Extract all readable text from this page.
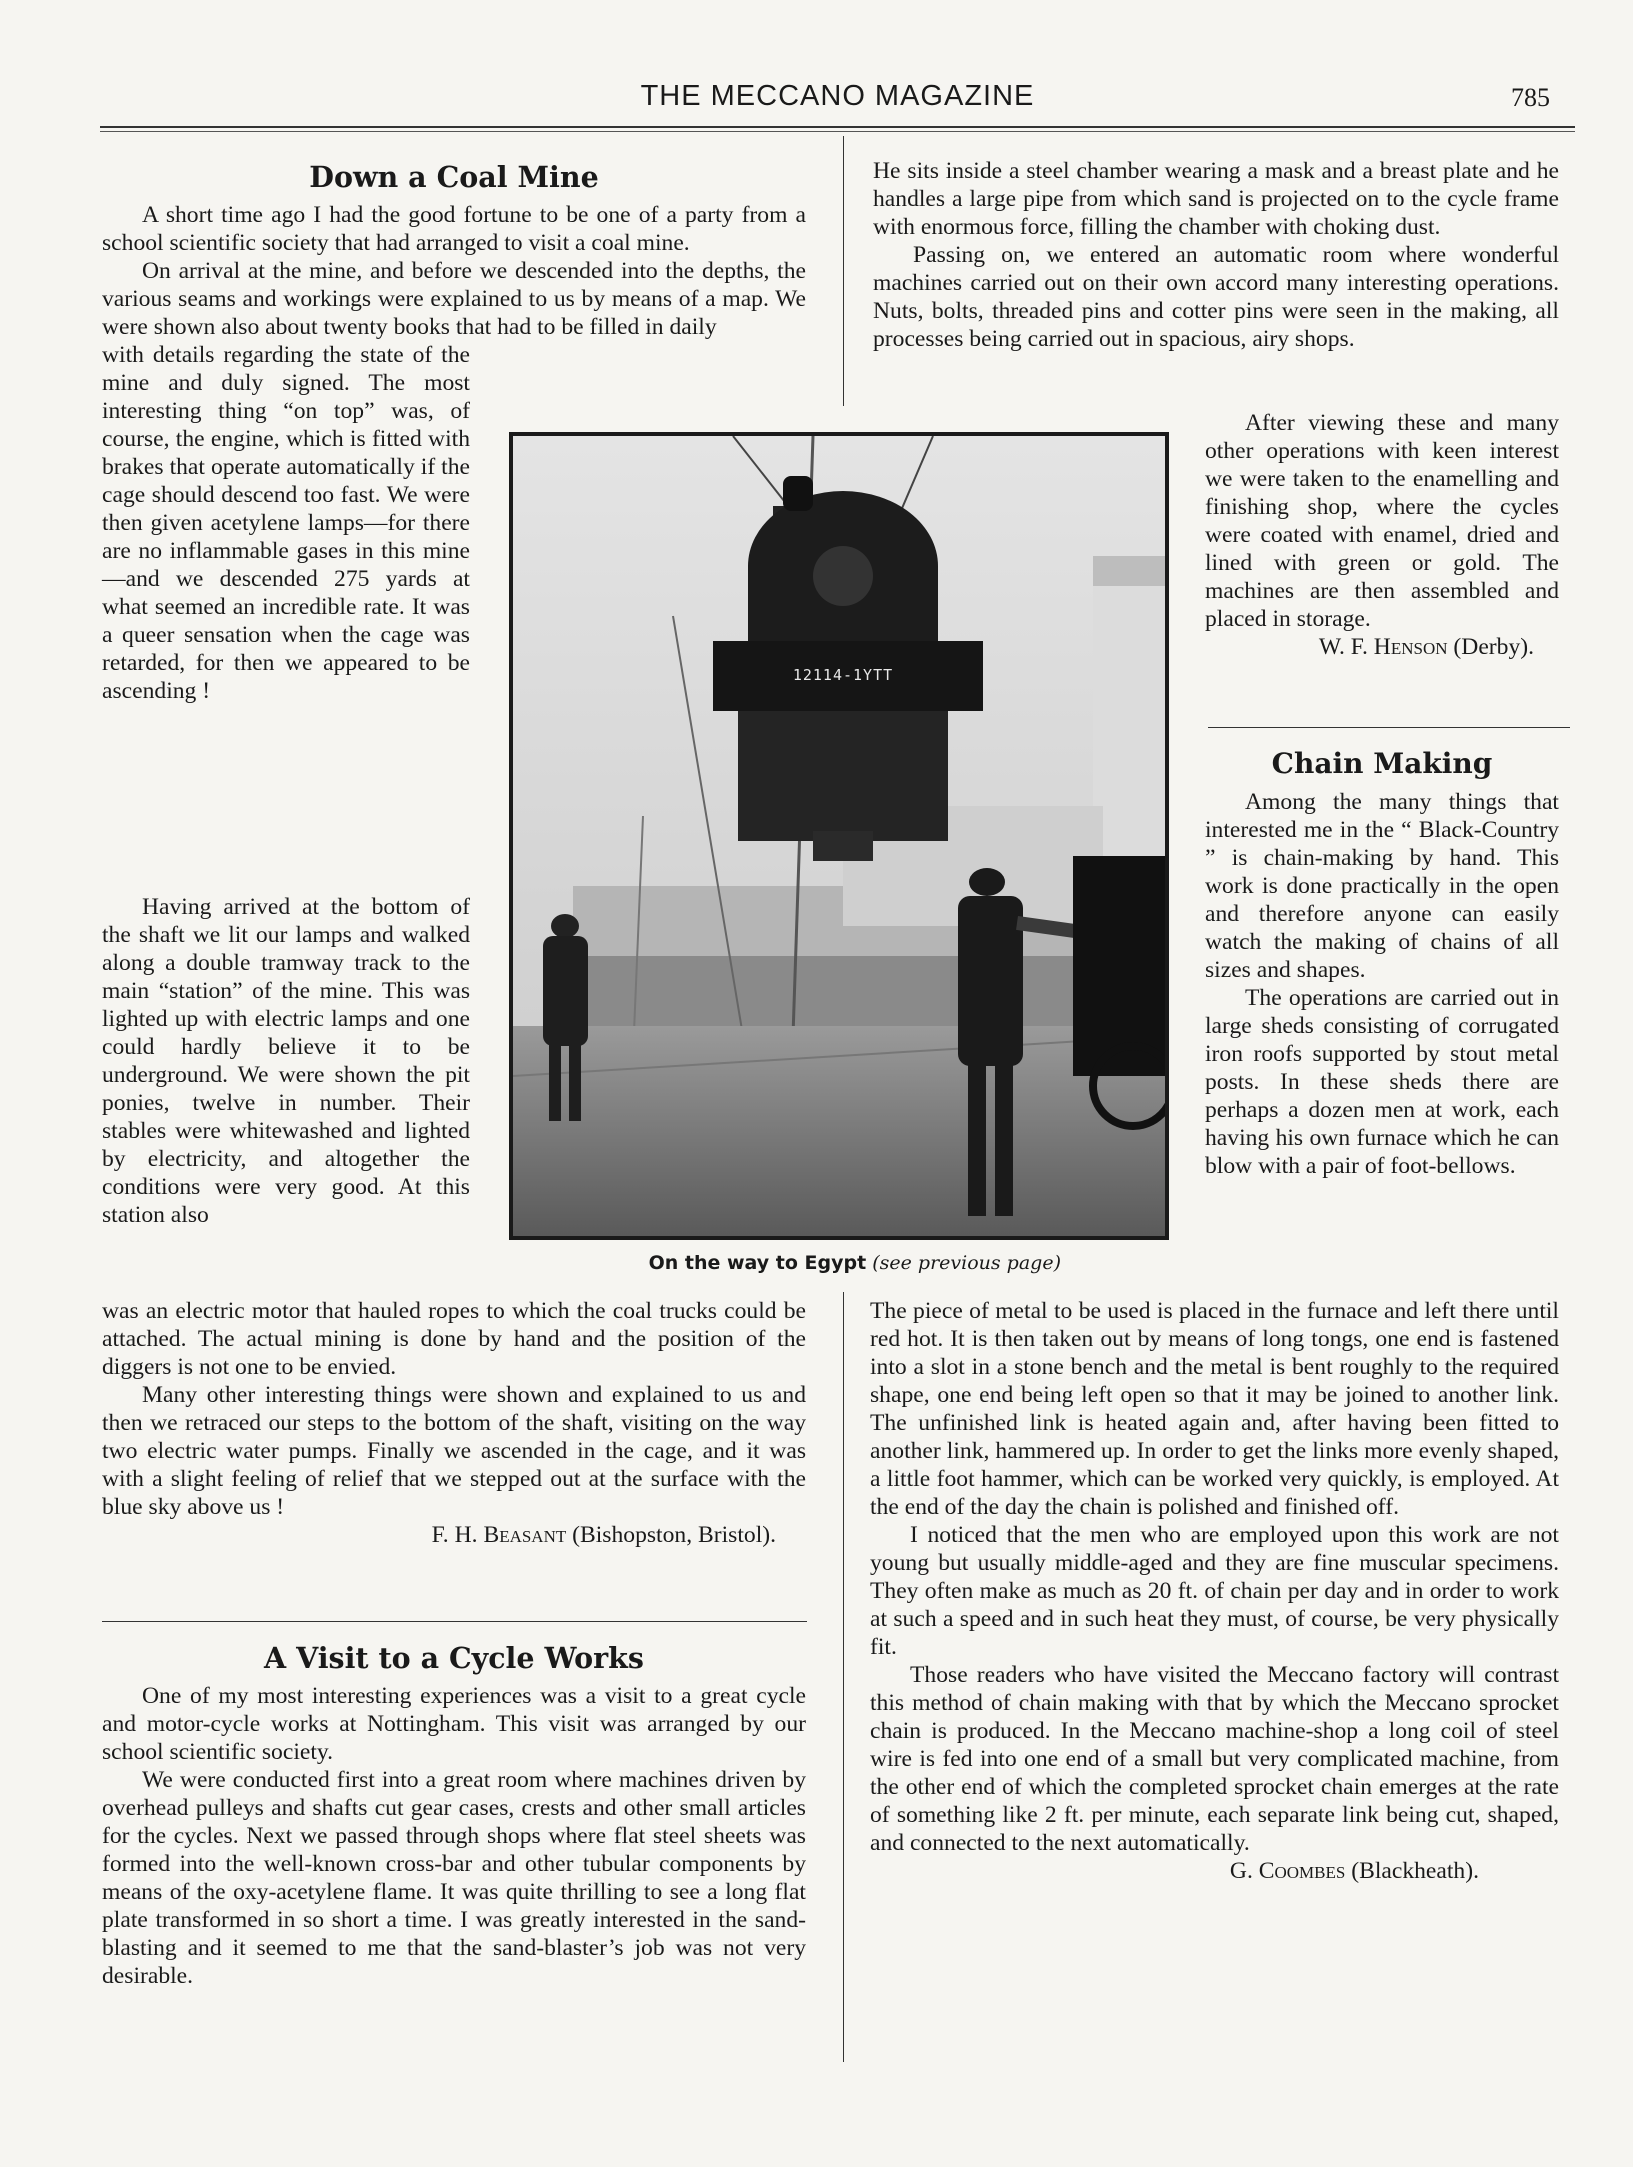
THE MECCANO MAGAZINE	785
Down a Coal Mine

A short time ago I had the good fortune to be one of a party from a school scientific society that had arranged to visit a coal mine.

On arrival at the mine, and before we descended into the depths, the various seams and workings were explained to us by means of a map. We were shown also about twenty books that had to be filled in daily

with details regarding the state of the mine and duly signed. The most interesting thing “on top” was, of course, the engine, which is fitted with brakes that operate automatically if the cage should descend too fast. We were then given acetylene lamps—for there are no inflammable gases in this mine—and we descended 275 yards at what seemed an incredible rate. It was a queer sensation when the cage was retarded, for then we appeared to be ascending !

Having arrived at the bottom of the shaft we lit our lamps and walked along a double tramway track to the main “station” of the mine. This was lighted up with electric lamps and one could hardly believe it to be underground. We were shown the pit ponies, twelve in number. Their stables were whitewashed and lighted by electricity, and altogether the conditions were very good. At this station also

was an electric motor that hauled ropes to which the coal trucks could be attached. The actual mining is done by hand and the position of the diggers is not one to be envied.

Many other interesting things were shown and explained to us and then we retraced our steps to the bottom of the shaft, visiting on the way two electric water pumps. Finally we ascended in the cage, and it was with a slight feeling of relief that we stepped out at the surface with the blue sky above us !

F. H. Beasant (Bishopston, Bristol).

A Visit to a Cycle Works

One of my most interesting experiences was a visit to a great cycle and motor-cycle works at Nottingham. This visit was arranged by our school scientific society.

We were conducted first into a great room where machines driven by overhead pulleys and shafts cut gear cases, crests and other small articles for the cycles. Next we passed through shops where flat steel sheets was formed into the well-known cross-bar and other tubular components by means of the oxy-acetylene flame. It was quite thrilling to see a long flat plate transformed in so short a time. I was greatly interested in the sand-blasting and it seemed to me that the sand-blaster’s job was not very desirable.

He sits inside a steel chamber wearing a mask and a breast plate and he handles a large pipe from which sand is projected on to the cycle frame with enormous force, filling the chamber with choking dust.

Passing on, we entered an automatic room where wonderful machines carried out on their own accord many interesting operations. Nuts, bolts, threaded pins and cotter pins were seen in the making, all processes being carried out in spacious, airy shops.

After viewing these and many other operations with keen interest we were taken to the enamelling and finishing shop, where the cycles were coated with enamel, dried and lined with green or gold. The machines are then assembled and placed in storage.

W. F. Henson (Derby).

Chain Making

Among the many things that interested me in the “ Black-Country ” is chain-making by hand. This work is done practically in the open and therefore anyone can easily watch the making of chains of all sizes and shapes.

The operations are carried out in large sheds consisting of corrugated iron roofs supported by stout metal posts. In these sheds there are perhaps a dozen men at work, each having his own furnace which he can blow with a pair of foot-bellows.

The piece of metal to be used is placed in the furnace and left there until red hot. It is then taken out by means of long tongs, one end is fastened into a slot in a stone bench and the metal is bent roughly to the required shape, one end being left open so that it may be joined to another link. The unfinished link is heated again and, after having been fitted to another link, hammered up. In order to get the links more evenly shaped, a little foot hammer, which can be worked very quickly, is employed. At the end of the day the chain is polished and finished off.

I noticed that the men who are employed upon this work are not young but usually middle-aged and they are fine muscular specimens. They often make as much as 20 ft. of chain per day and in order to work at such a speed and in such heat they must, of course, be very physically fit.

Those readers who have visited the Meccano factory will contrast this method of chain making with that by which the Meccano sprocket chain is produced. In the Meccano machine-shop a long coil of steel wire is fed into one end of a small but very complicated machine, from the other end of which the completed sprocket chain emerges at the rate of something like 2 ft. per minute, each separate link being cut, shaped, and connected to the next automatically.

G. Coombes (Blackheath).

12114-1YTT
On the way to Egypt (see previous page)
